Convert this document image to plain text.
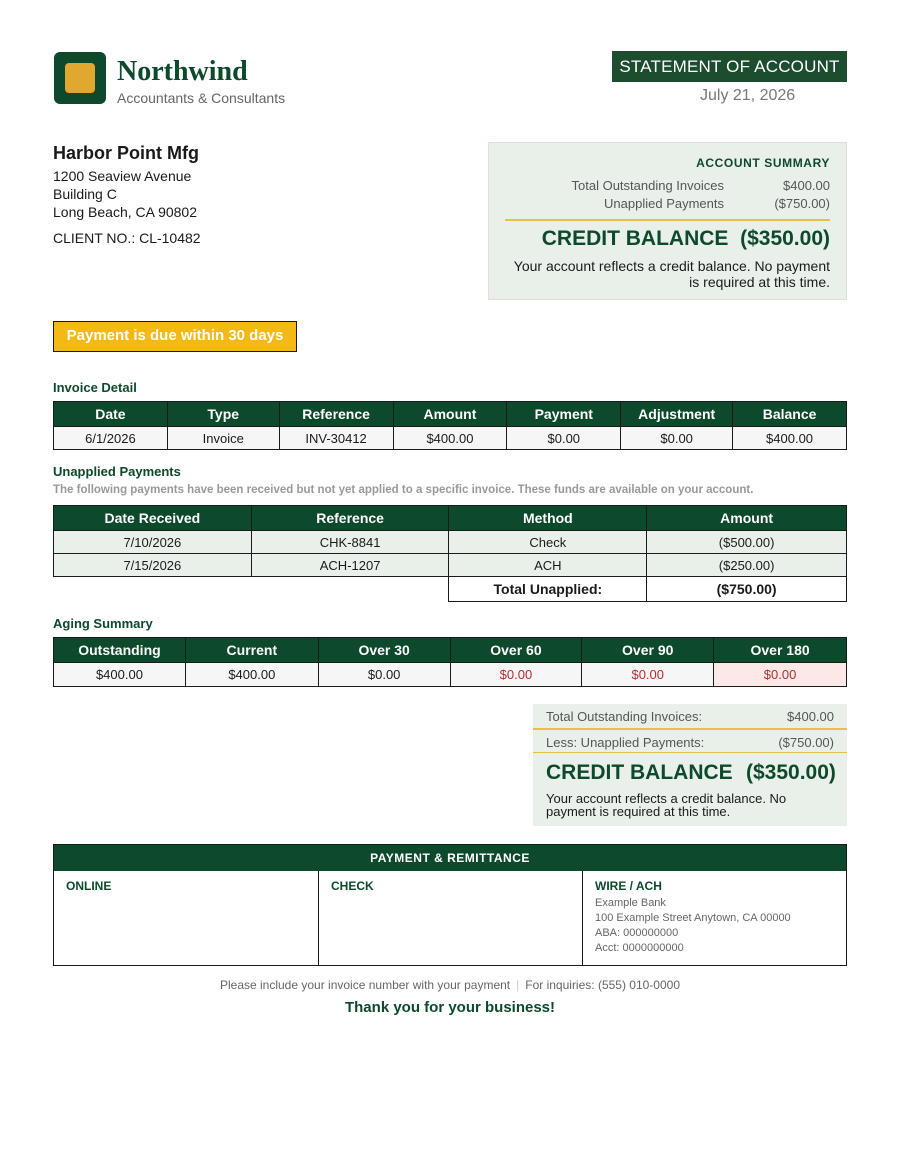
Northwind
Accountants & Consultants
STATEMENT OF ACCOUNT
July 21, 2026
Harbor Point Mfg
1200 Seaview Avenue
Building C
Long Beach, CA 90802
CLIENT NO.: CL-10482
ACCOUNT SUMMARY
Total Outstanding Invoices	$400.00
Unapplied Payments	($750.00)
CREDIT BALANCE ($350.00)
Your account reflects a credit balance. No payment is required at this time.
Payment is due within 30 days
Invoice Detail
Date	Type	Reference	Amount	Payment	Adjustment	Balance
6/1/2026	Invoice	INV-30412	$400.00	$0.00	$0.00	$400.00
Unapplied Payments
The following payments have been received but not yet applied to a specific invoice. These funds are available on your account.
Date Received	Reference	Method	Amount
7/10/2026	CHK-8841	Check	($500.00)
7/15/2026	ACH-1207	ACH	($250.00)
		Total Unapplied:	($750.00)
Aging Summary
Outstanding	Current	Over 30	Over 60	Over 90	Over 180
$400.00	$400.00	$0.00	$0.00	$0.00	$0.00
Total Outstanding Invoices:	$400.00
Less: Unapplied Payments:	($750.00)
CREDIT BALANCE ($350.00)
Your account reflects a credit balance. No payment is required at this time.
PAYMENT & REMITTANCE
ONLINE	CHECK	WIRE / ACH
Example Bank
100 Example Street Anytown, CA 00000
ABA: 000000000
Acct: 0000000000
Please include your invoice number with your payment | For inquiries: (555) 010-0000
Thank you for your business!
